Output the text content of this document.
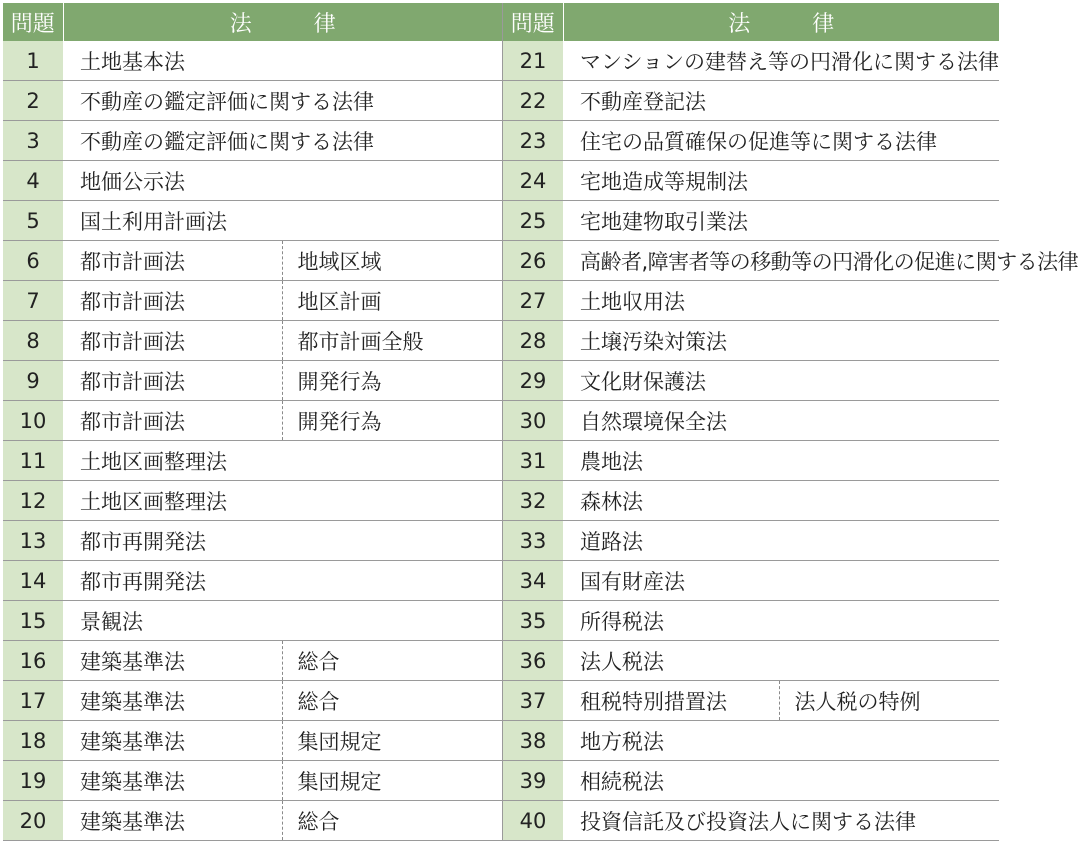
問題	法　律	
1	土地基本法	
2	不動産の鑑定評価に関する法律	
3	不動産の鑑定評価に関する法律	
4	地価公示法	
5	国土利用計画法	
6	都市計画法	地域区域
7	都市計画法	地区計画
8	都市計画法	都市計画全般
9	都市計画法	開発行為
10	都市計画法	開発行為
11	土地区画整理法	
12	土地区画整理法	
13	都市再開発法	
14	都市再開発法	
15	景観法	
16	建築基準法	総合
17	建築基準法	総合
18	建築基準法	集団規定
19	建築基準法	集団規定
20	建築基準法	総合
問題	法　律	
21	マンションの建替え等の円滑化に関する法律	
22	不動産登記法	
23	住宅の品質確保の促進等に関する法律	
24	宅地造成等規制法	
25	宅地建物取引業法	
26	高齢者,障害者等の移動等の円滑化の促進に関する法律	
27	土地収用法	
28	土壌汚染対策法	
29	文化財保護法	
30	自然環境保全法	
31	農地法	
32	森林法	
33	道路法	
34	国有財産法	
35	所得税法	
36	法人税法	
37	租税特別措置法	法人税の特例
38	地方税法	
39	相続税法	
40	投資信託及び投資法人に関する法律	
